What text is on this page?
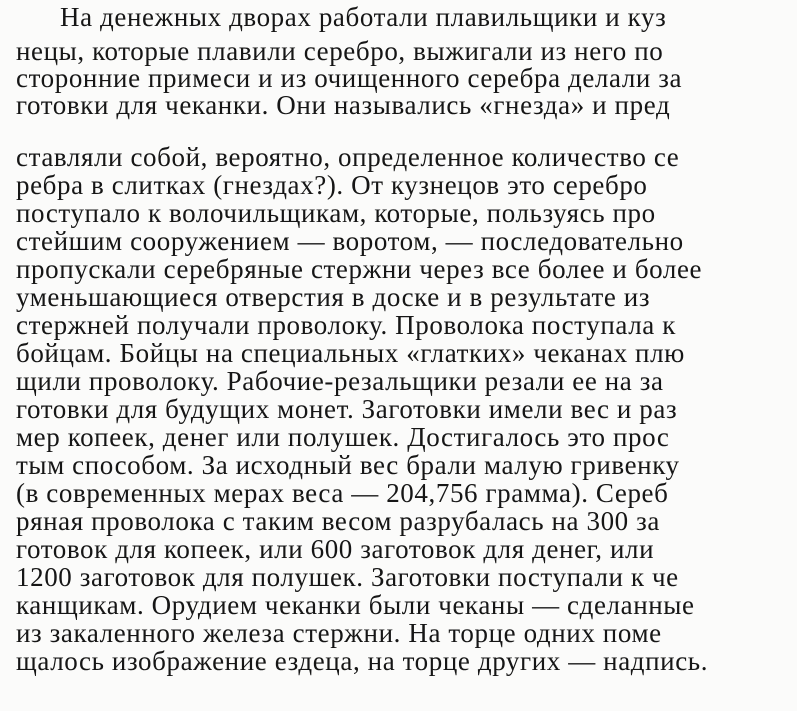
На денежных дворах работали плавильщики и куз
нецы, которые плавили серебро, выжигали из него по
сторонние примеси и из очищенного серебра делали за
готовки для чеканки. Они назывались «гнезда» и пред
ставляли собой, вероятно, определенное количество се
ребра в слитках (гнездах?). От кузнецов это серебро
поступало к волочильщикам, которые, пользуясь про
стейшим сооружением — воротом, — последовательно
пропускали серебряные стержни через все более и более
уменьшающиеся отверстия в доске и в результате из
стержней получали проволоку. Проволока поступала к
бойцам. Бойцы на специальных «глатких» чеканах плю
щили проволоку. Рабочие-резальщики резали ее на за
готовки для будущих монет. Заготовки имели вес и раз
мер копеек, денег или полушек. Достигалось это прос
тым способом. За исходный вес брали малую гривенку
(в современных мерах веса — 204,756 грамма). Сереб
ряная проволока с таким весом разрубалась на 300 за
готовок для копеек, или 600 заготовок для денег, или
1200 заготовок для полушек. Заготовки поступали к че
канщикам. Орудием чеканки были чеканы — сделанные
из закаленного железа стержни. На торце одних поме
щалось изображение ездеца, на торце других — надпись.
